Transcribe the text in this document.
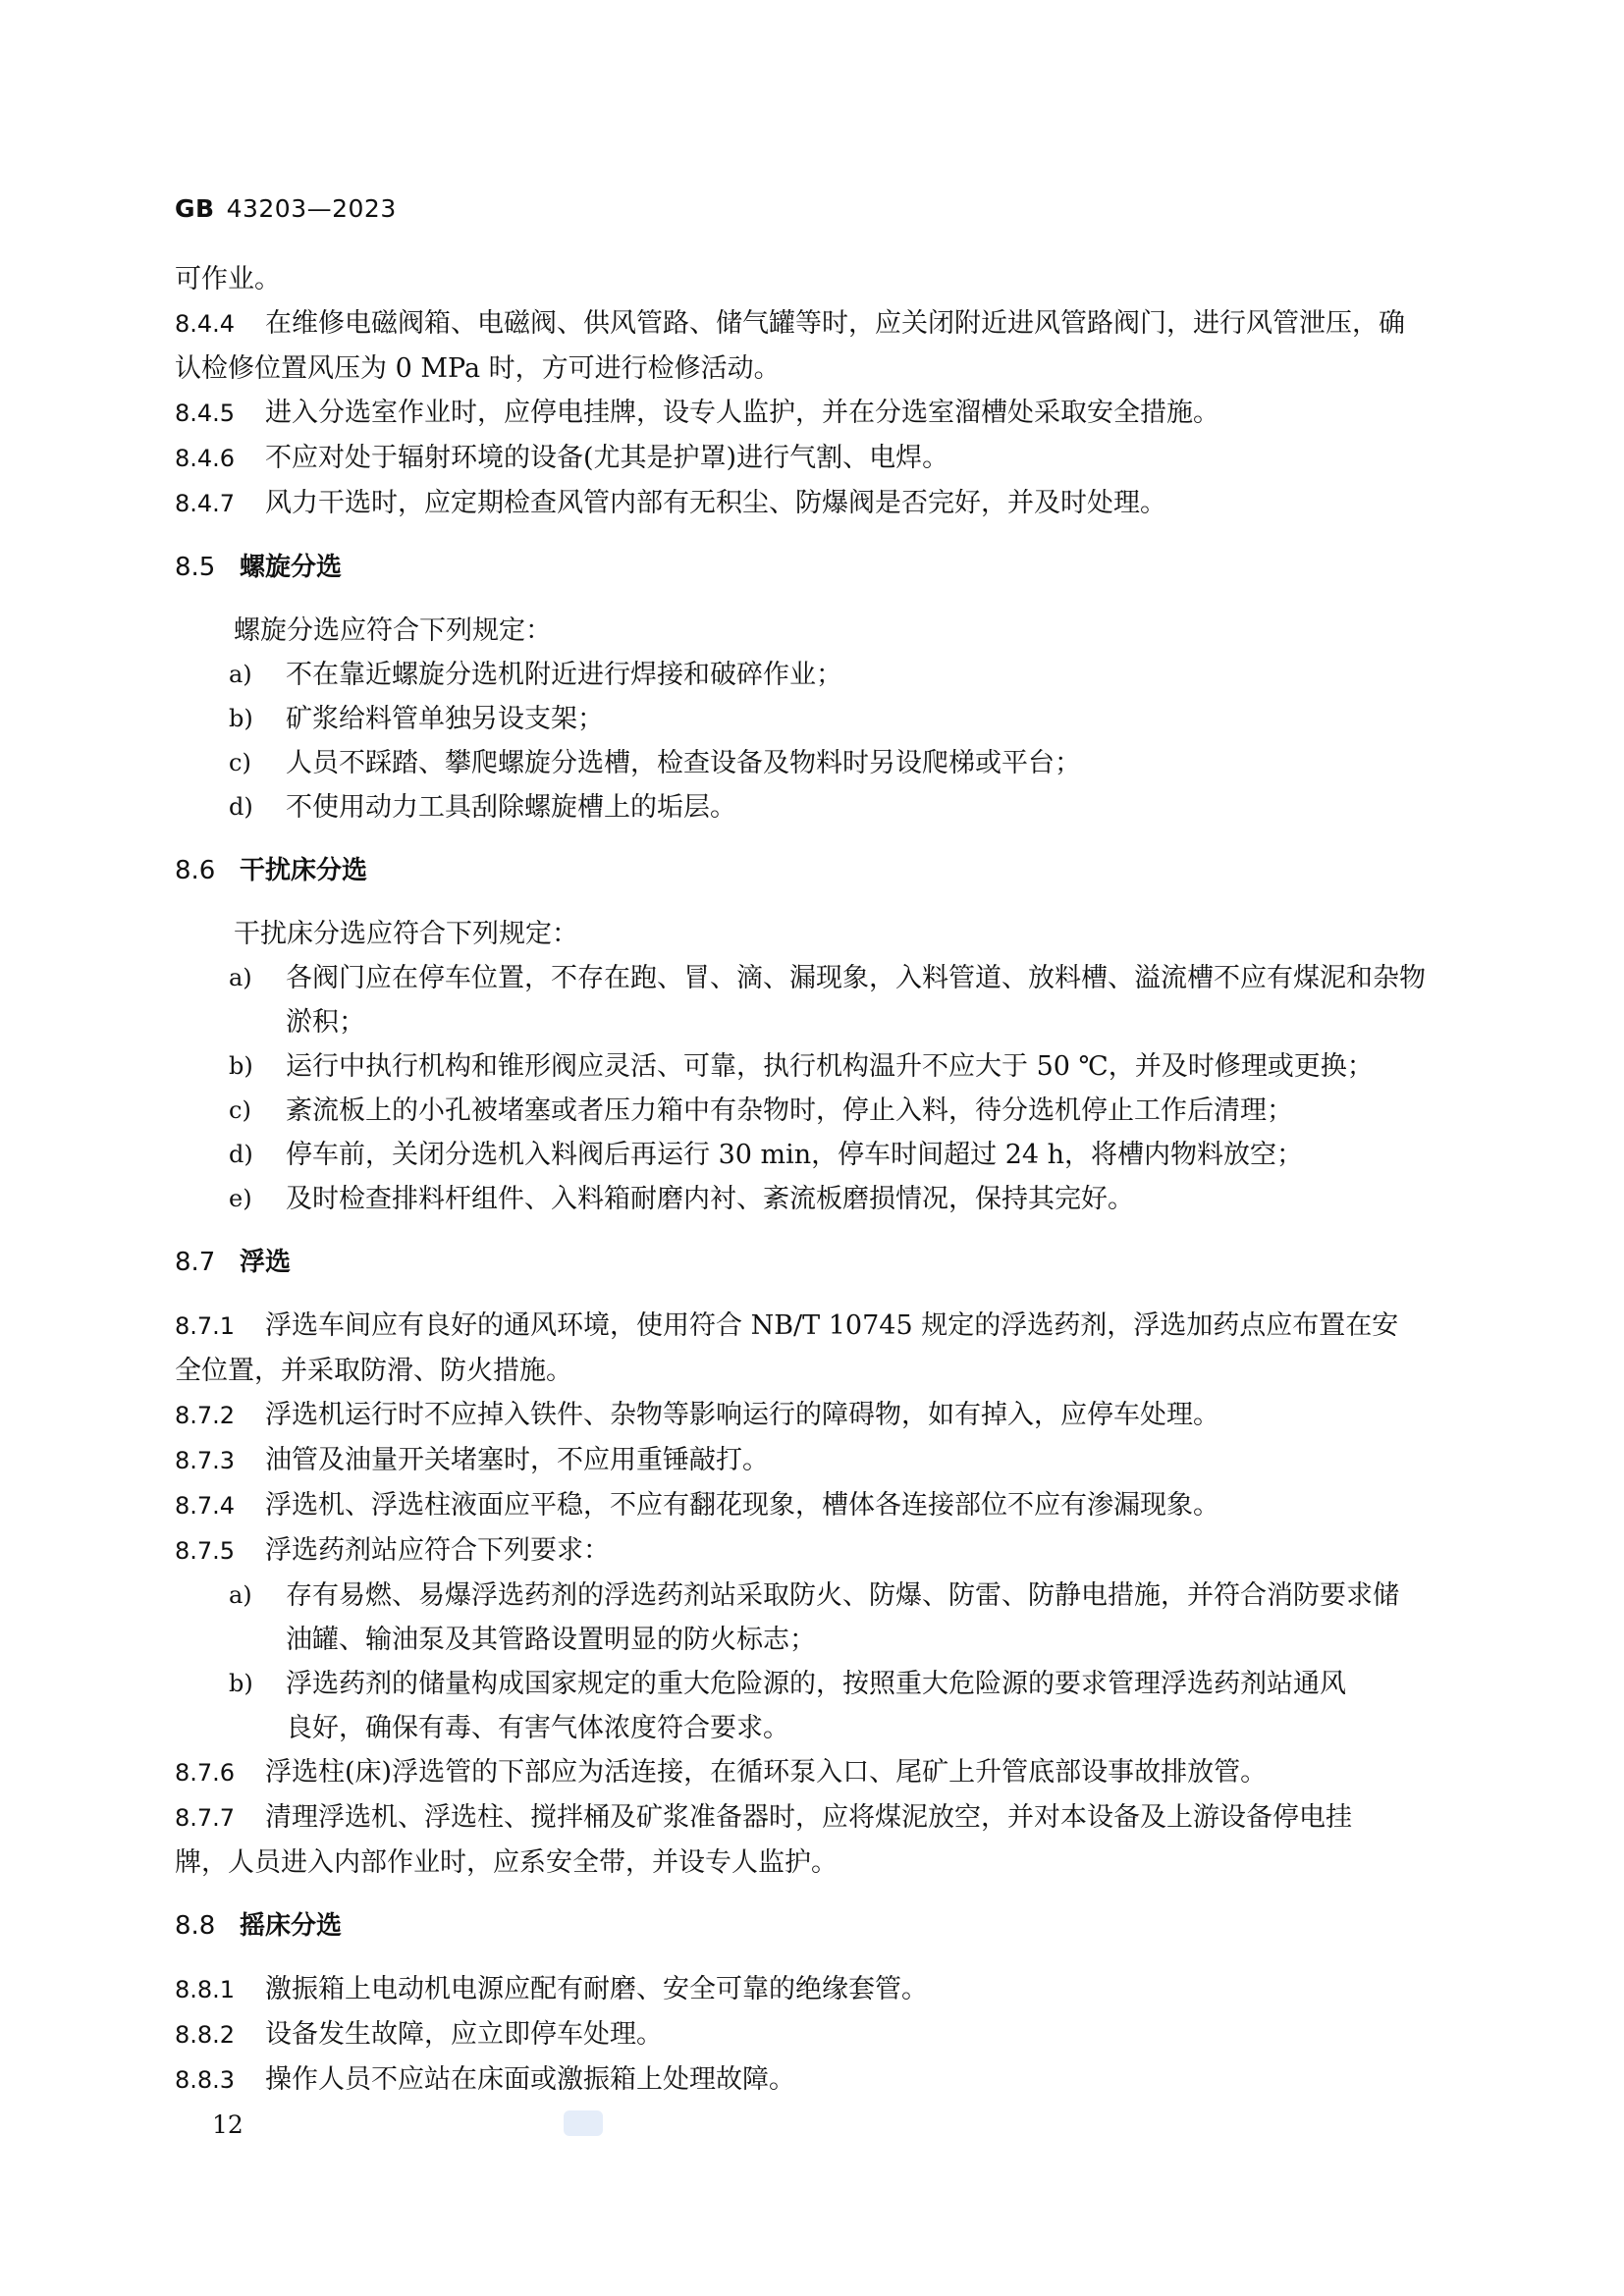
GB 43203—2023
可作业。
8.4.4 在维修电磁阀箱、电磁阀、供风管路、储气罐等时，应关闭附近进风管路阀门，进行风管泄压，确
认检修位置风压为 0 MPa 时，方可进行检修活动。
8.4.5 进入分选室作业时，应停电挂牌，设专人监护，并在分选室溜槽处采取安全措施。
8.4.6 不应对处于辐射环境的设备(尤其是护罩)进行气割、电焊。
8.4.7 风力干选时，应定期检查风管内部有无积尘、防爆阀是否完好，并及时处理。
8.5 螺旋分选
螺旋分选应符合下列规定：
a)	不在靠近螺旋分选机附近进行焊接和破碎作业；
b)	矿浆给料管单独另设支架；
c)	人员不踩踏、攀爬螺旋分选槽，检查设备及物料时另设爬梯或平台；
d)	不使用动力工具刮除螺旋槽上的垢层。
8.6 干扰床分选
干扰床分选应符合下列规定：
a)	各阀门应在停车位置，不存在跑、冒、滴、漏现象，入料管道、放料槽、溢流槽不应有煤泥和杂物
淤积；
b)	运行中执行机构和锥形阀应灵活、可靠，执行机构温升不应大于 50 ℃，并及时修理或更换；
c)	紊流板上的小孔被堵塞或者压力箱中有杂物时，停止入料，待分选机停止工作后清理；
d)	停车前，关闭分选机入料阀后再运行 30 min，停车时间超过 24 h，将槽内物料放空；
e)	及时检查排料杆组件、入料箱耐磨内衬、紊流板磨损情况，保持其完好。
8.7 浮选
8.7.1 浮选车间应有良好的通风环境，使用符合 NB/T 10745 规定的浮选药剂，浮选加药点应布置在安
全位置，并采取防滑、防火措施。
8.7.2 浮选机运行时不应掉入铁件、杂物等影响运行的障碍物，如有掉入，应停车处理。
8.7.3 油管及油量开关堵塞时，不应用重锤敲打。
8.7.4 浮选机、浮选柱液面应平稳，不应有翻花现象，槽体各连接部位不应有渗漏现象。
8.7.5 浮选药剂站应符合下列要求：
a)	存有易燃、易爆浮选药剂的浮选药剂站采取防火、防爆、防雷、防静电措施，并符合消防要求储
油罐、输油泵及其管路设置明显的防火标志；
b)	浮选药剂的储量构成国家规定的重大危险源的，按照重大危险源的要求管理浮选药剂站通风
良好，确保有毒、有害气体浓度符合要求。
8.7.6 浮选柱(床)浮选管的下部应为活连接，在循环泵入口、尾矿上升管底部设事故排放管。
8.7.7 清理浮选机、浮选柱、搅拌桶及矿浆准备器时，应将煤泥放空，并对本设备及上游设备停电挂
牌，人员进入内部作业时，应系安全带，并设专人监护。
8.8 摇床分选
8.8.1 激振箱上电动机电源应配有耐磨、安全可靠的绝缘套管。
8.8.2 设备发生故障，应立即停车处理。
8.8.3 操作人员不应站在床面或激振箱上处理故障。
12
